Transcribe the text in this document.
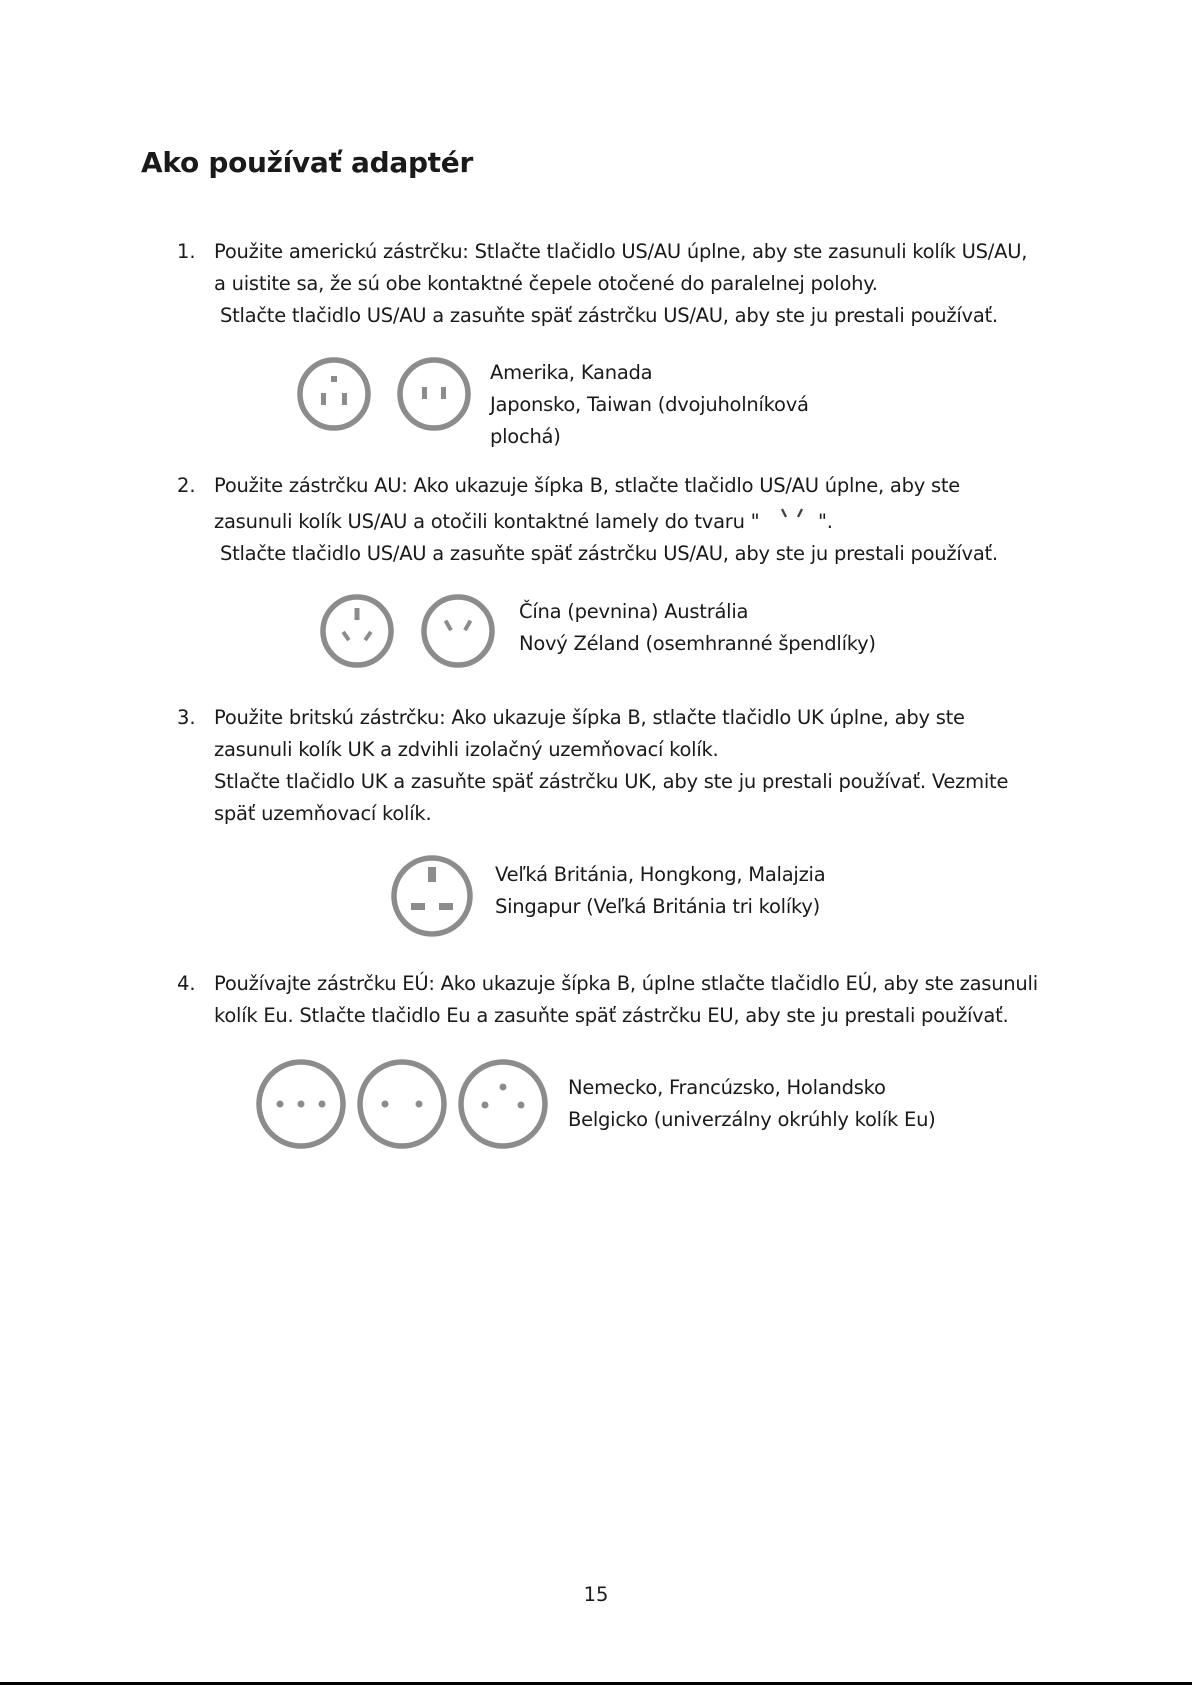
Ako používať adaptér
1. Použite americkú zástrčku: Stlačte tlačidlo US/AU úplne, aby ste zasunuli kolík US/AU,
a uistite sa, že sú obe kontaktné čepele otočené do paralelnej polohy.
Stlačte tlačidlo US/AU a zasuňte späť zástrčku US/AU, aby ste ju prestali používať.
Amerika, Kanada
Japonsko, Taiwan (dvojuholníková
plochá)
2. Použite zástrčku AU: Ako ukazuje šípka B, stlačte tlačidlo US/AU úplne, aby ste
zasunuli kolík US/AU a otočili kontaktné lamely do tvaru "	".
Stlačte tlačidlo US/AU a zasuňte späť zástrčku US/AU, aby ste ju prestali používať.
Čína (pevnina) Austrália
Nový Zéland (osemhranné špendlíky)
3. Použite britskú zástrčku: Ako ukazuje šípka B, stlačte tlačidlo UK úplne, aby ste
zasunuli kolík UK a zdvihli izolačný uzemňovací kolík.
Stlačte tlačidlo UK a zasuňte späť zástrčku UK, aby ste ju prestali používať. Vezmite
späť uzemňovací kolík.
Veľká Británia, Hongkong, Malajzia
Singapur (Veľká Británia tri kolíky)
4. Používajte zástrčku EÚ: Ako ukazuje šípka B, úplne stlačte tlačidlo EÚ, aby ste zasunuli
kolík Eu. Stlačte tlačidlo Eu a zasuňte späť zástrčku EU, aby ste ju prestali používať.
Nemecko, Francúzsko, Holandsko
Belgicko (univerzálny okrúhly kolík Eu)
15
